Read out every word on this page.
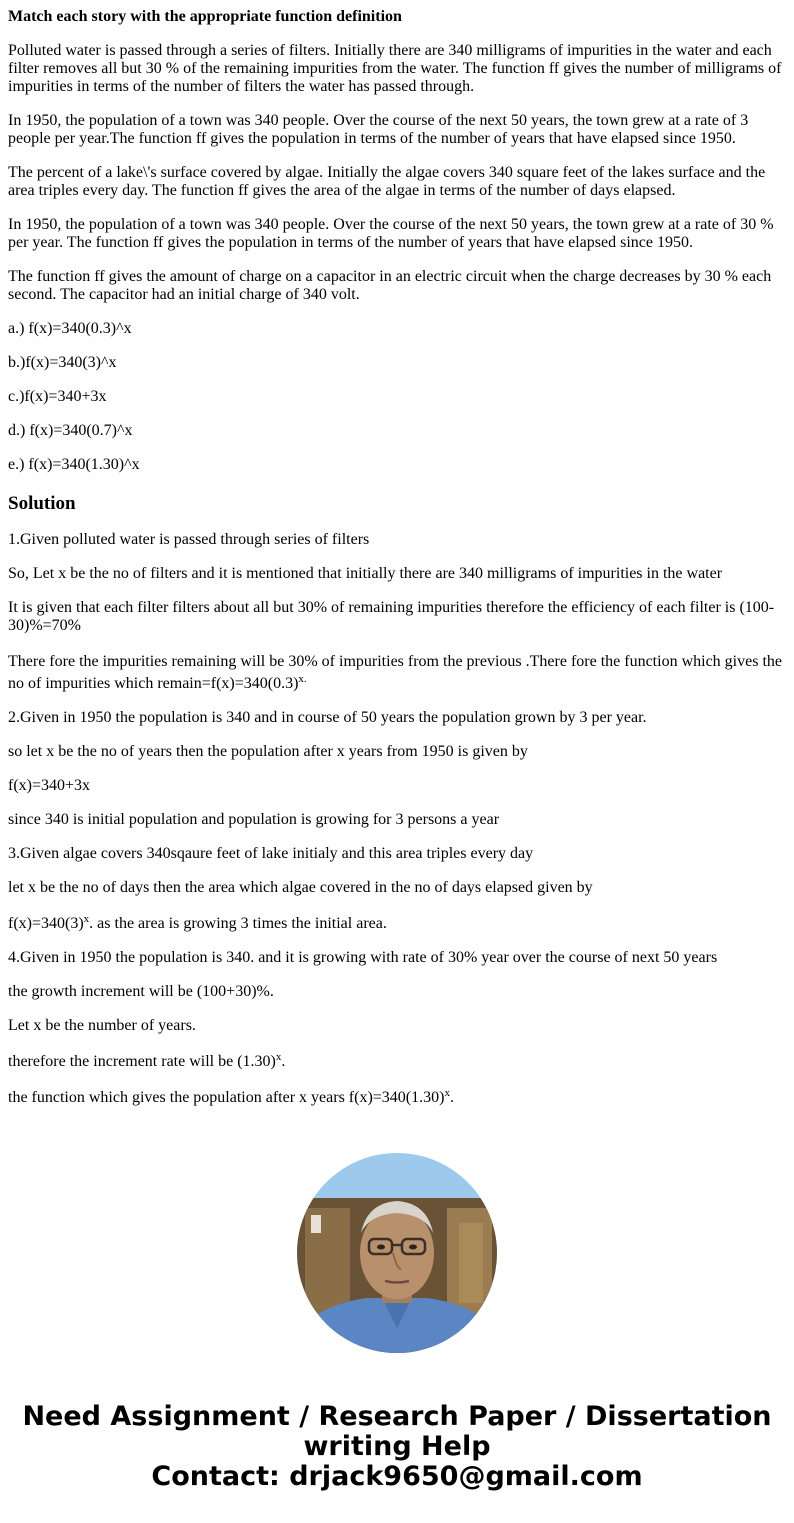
Match each story with the appropriate function definition
Polluted water is passed through a series of filters. Initially there are 340 milligrams of impurities in the water and each filter removes all but 30 % of the remaining impurities from the water. The function ff gives the number of milligrams of impurities in terms of the number of filters the water has passed through.
In 1950, the population of a town was 340 people. Over the course of the next 50 years, the town grew at a rate of 3 people per year.The function ff gives the population in terms of the number of years that have elapsed since 1950.
The percent of a lake\'s surface covered by algae. Initially the algae covers 340 square feet of the lakes surface and the area triples every day. The function ff gives the area of the algae in terms of the number of days elapsed.
In 1950, the population of a town was 340 people. Over the course of the next 50 years, the town grew at a rate of 30 % per year. The function ff gives the population in terms of the number of years that have elapsed since 1950.
The function ff gives the amount of charge on a capacitor in an electric circuit when the charge decreases by 30 % each second. The capacitor had an initial charge of 340 volt.
a.) f(x)=340(0.3)^x
b.)f(x)=340(3)^x
c.)f(x)=340+3x
d.) f(x)=340(0.7)^x
e.) f(x)=340(1.30)^x
Solution
1.Given polluted water is passed through series of filters
So, Let x be the no of filters and it is mentioned that initially there are 340 milligrams of impurities in the water
It is given that each filter filters about all but 30% of remaining impurities therefore the efficiency of each filter is (100-30)%=70%
There fore the impurities remaining will be 30% of impurities from the previous .There fore the function which gives the no of impurities which $remain=f(x)=340(0.3)^{x.}$
2.Given in 1950 the population is 340 and in course of 50 years the population grown by 3 per year.
so let x be the no of years then the population after x years from 1950 is given by
f(x)=340+3x
since 340 is initial population and population is growing for 3 persons a year
3.Given algae covers 340sqaure feet of lake initialy and this area triples every day
let x be the no of days then the area which algae covered in the no of days elapsed given by
$f(x)=340(3)^x$. as the area is growing 3 times the initial area.
4.Given in 1950 the population is 340. and it is growing with rate of 30% year over the course of next 50 years
the growth increment will be (100+30)%.
Let x be the number of years.
therefore the increment rate will be $(1.30)^x$.
the function which gives the population after x years $f(x)=340(1.30)^x$.
Need Assignment / Research Paper / Dissertation
writing Help
Contact: drjack9650@gmail.com
